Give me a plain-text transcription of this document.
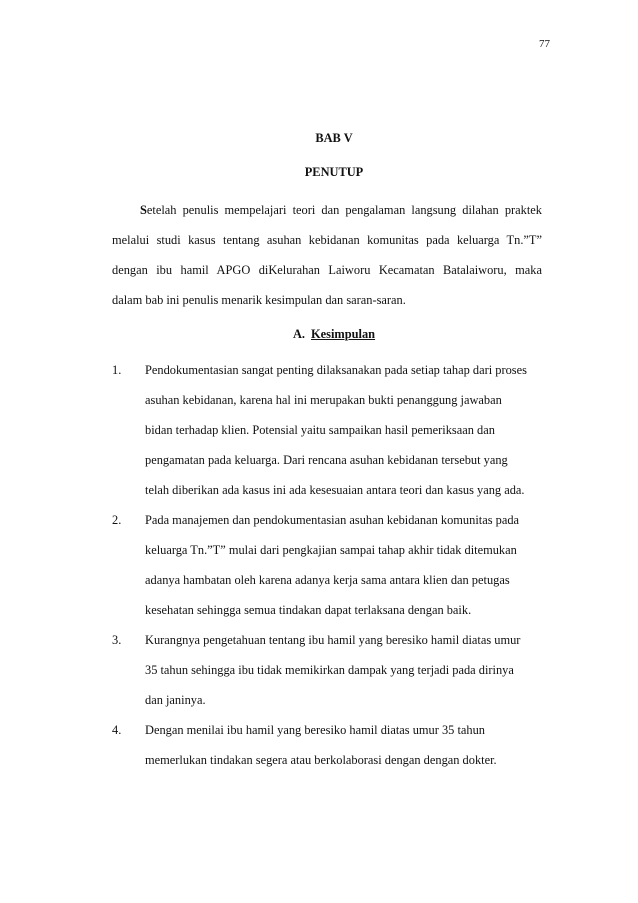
77
BAB V
PENUTUP
Setelah penulis mempelajari teori dan pengalaman langsung dilahan praktek
melalui studi kasus tentang asuhan kebidanan komunitas pada keluarga Tn.”T”
dengan ibu hamil APGO diKelurahan Laiworu Kecamatan Batalaiworu, maka
dalam bab ini penulis menarik kesimpulan dan saran-saran.
A. Kesimpulan
1. Pendokumentasian sangat penting dilaksanakan pada setiap tahap dari proses
asuhan kebidanan, karena hal ini merupakan bukti penanggung jawaban
bidan terhadap klien. Potensial yaitu sampaikan hasil pemeriksaan dan
pengamatan pada keluarga. Dari rencana asuhan kebidanan tersebut yang
telah diberikan ada kasus ini ada kesesuaian antara teori dan kasus yang ada.
2. Pada manajemen dan pendokumentasian asuhan kebidanan komunitas pada
keluarga Tn.”T” mulai dari pengkajian sampai tahap akhir tidak ditemukan
adanya hambatan oleh karena adanya kerja sama antara klien dan petugas
kesehatan sehingga semua tindakan dapat terlaksana dengan baik.
3. Kurangnya pengetahuan tentang ibu hamil yang beresiko hamil diatas umur
35 tahun sehingga ibu tidak memikirkan dampak yang terjadi pada dirinya
dan janinya.
4. Dengan menilai ibu hamil yang beresiko hamil diatas umur 35 tahun
memerlukan tindakan segera atau berkolaborasi dengan dengan dokter.
